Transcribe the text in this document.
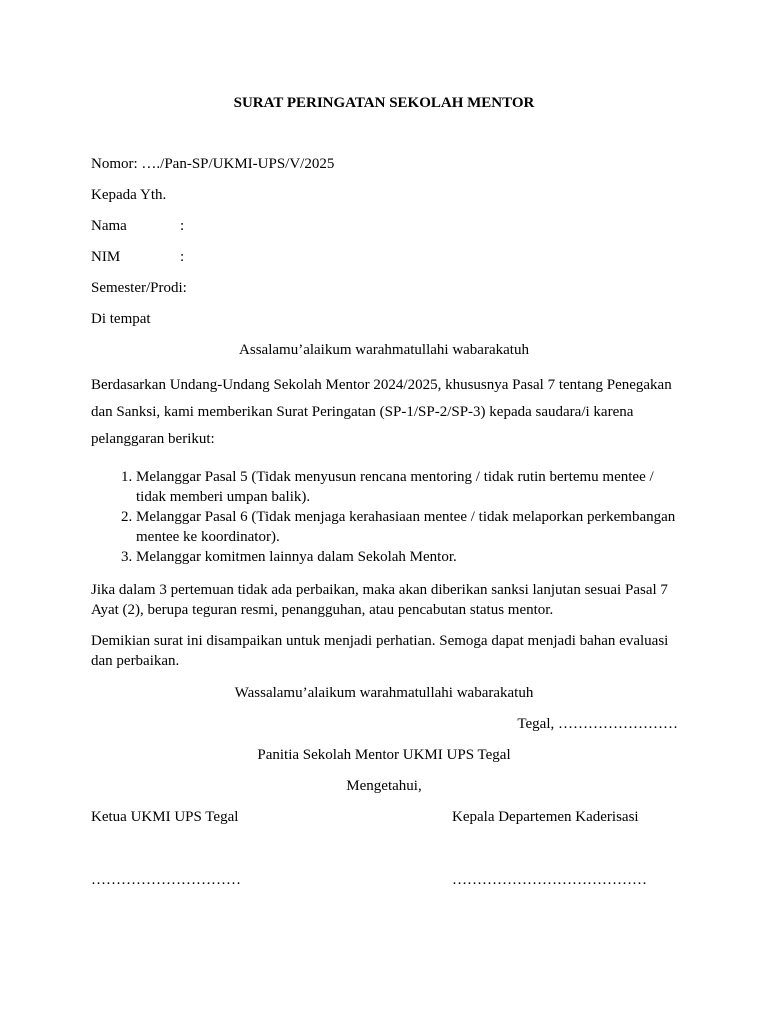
SURAT PERINGATAN SEKOLAH MENTOR
Nomor: …./Pan-SP/UKMI-UPS/V/2025
Kepada Yth.
Nama	:
NIM	:
Semester/Prodi:
Di tempat
Assalamu’alaikum warahmatullahi wabarakatuh
Berdasarkan Undang-Undang Sekolah Mentor 2024/2025, khususnya Pasal 7 tentang Penegakan dan Sanksi, kami memberikan Surat Peringatan (SP-1/SP-2/SP-3) kepada saudara/i karena pelanggaran berikut:
1. Melanggar Pasal 5 (Tidak menyusun rencana mentoring / tidak rutin bertemu mentee / tidak memberi umpan balik).
2. Melanggar Pasal 6 (Tidak menjaga kerahasiaan mentee / tidak melaporkan perkembangan mentee ke koordinator).
3. Melanggar komitmen lainnya dalam Sekolah Mentor.
Jika dalam 3 pertemuan tidak ada perbaikan, maka akan diberikan sanksi lanjutan sesuai Pasal 7 Ayat (2), berupa teguran resmi, penangguhan, atau pencabutan status mentor.
Demikian surat ini disampaikan untuk menjadi perhatian. Semoga dapat menjadi bahan evaluasi dan perbaikan.
Wassalamu’alaikum warahmatullahi wabarakatuh
Tegal, ……………………
Panitia Sekolah Mentor UKMI UPS Tegal
Mengetahui,
Ketua UKMI UPS Tegal	Kepala Departemen Kaderisasi
…………………………	…………………………………
